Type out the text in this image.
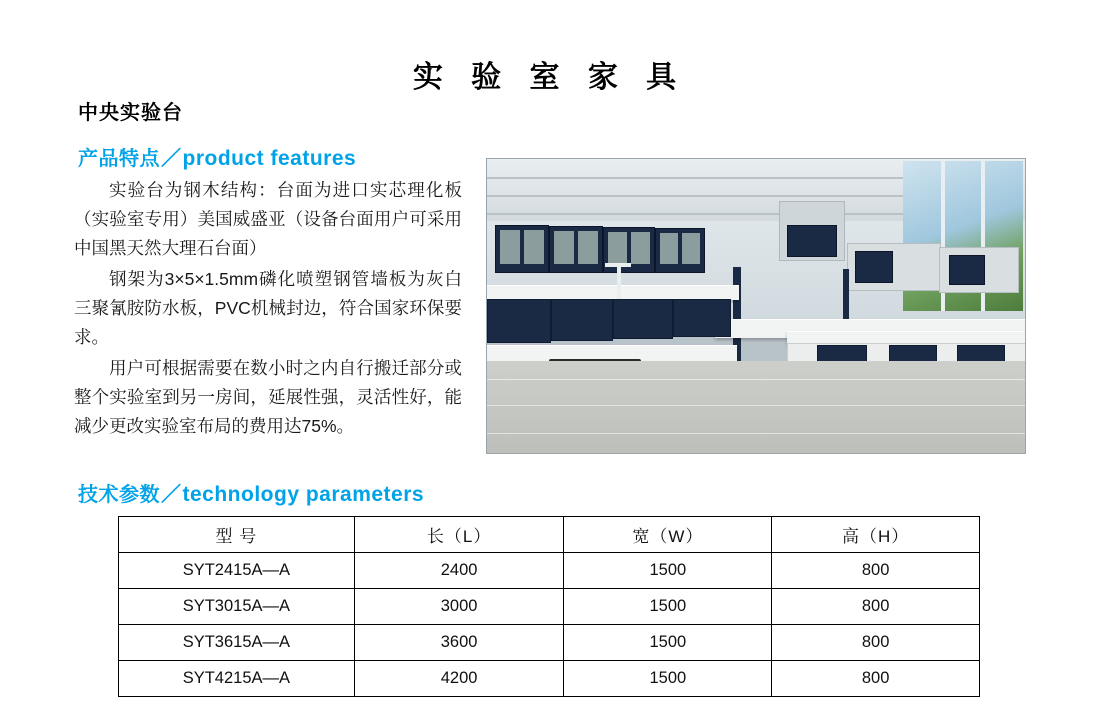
实 验 室 家 具
中央实验台
产品特点／product features

实验台为钢木结构：台面为进口实芯理化板（实验室专用）美国威盛亚（设备台面用户可采用中国黑天然大理石台面）

钢架为3×5×1.5mm磷化喷塑钢管墙板为灰白三聚氰胺防水板，PVC机械封边，符合国家环保要求。

用户可根据需要在数小时之内自行搬迁部分或整个实验室到另一房间，延展性强，灵活性好，能减少更改实验室布局的费用达75%。

技术参数／technology parameters
型 号	长（L）	宽（W）	高（H）
SYT2415A—A	2400	1500	800
SYT3015A—A	3000	1500	800
SYT3615A—A	3600	1500	800
SYT4215A—A	4200	1500	800
